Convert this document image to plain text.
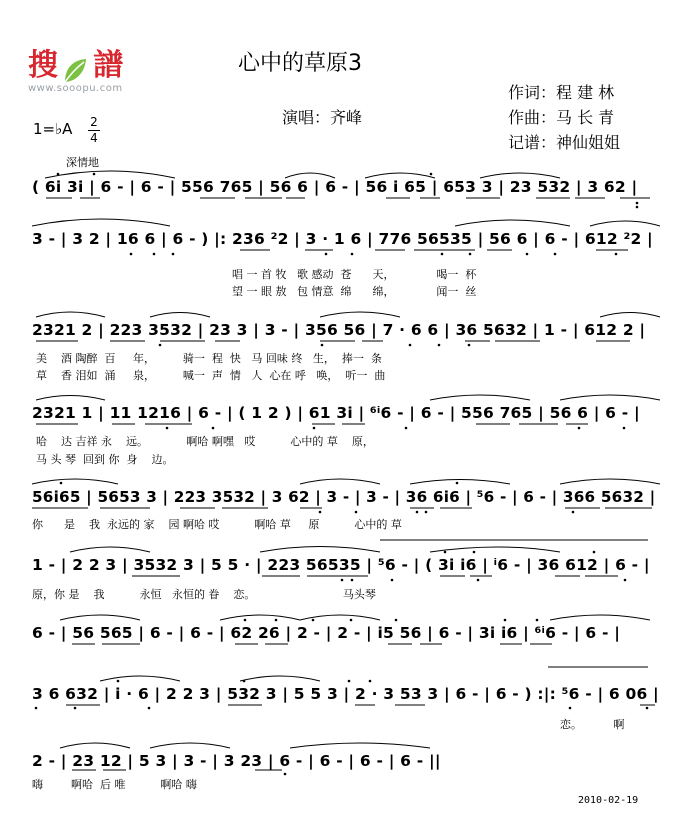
搜 譜
www.sooopu.com
心中的草原3
演唱：齐峰
作词：程 建 林
作曲：马 长 青
记谱：神仙姐姐
1=♭A 2
4
深情地
( 6i 3i | 6 - | 6 - | 556 765 | 56 6 | 6 - | 56 i 65 | 653 3 | 23 532 | 3 62 |
3 - | 3 2 | 16 6 | 6 - ) |: 236 ²2 | 3 · 1 6 | 776 56535 | 56 6 | 6 - | 612 ²2 |
唱 一 首 牧   歌 感动  苍      天，            喝一  杯
望 一 眼 敖   包 情意  绵      绵，            闻一  丝
2321 2 | 223 3532 | 23 3 | 3 - | 356 56 | 7 · 6 6 | 36 5632 | 1 - | 612 2 |
美    酒 陶醉  百     年，        骑一  程  快   马 回味 终   生，  捧一  条
草    香 泪如  涌     泉，        喊一  声  情   人  心在 呼   唤，  听一  曲
2321 1 | 11 1216 | 6 - | ( 1 2 ) | 61 3i | ⁶ⁱ6 - | 6 - | 556 765 | 56 6 | 6 - |
哈    达 吉祥 永    远。           啊哈 啊嘿   哎          心中的 草    原，
马 头 琴  回到 你  身    边。
56i65 | 5653 3 | 223 3532 | 3 62 | 3 - | 3 - | 36 6i6 | ⁵6 - | 6 - | 366 5632 |
你      是    我  永远的 家    园 啊哈 哎          啊哈 草     原          心中的 草
1 - | 2 2 3 | 3532 3 | 5 5 · | 223 56535 | ⁵6 - | ( 3i i6 | ⁱ6 - | 36 612 | 6 - |
原，你 是    我          永恒   永恒的 眷    恋。                         马头琴
6 - | 56 565 | 6 - | 6 - | 62 26 | 2 - | 2 - | i5 56 | 6 - | 3i i6 | ⁶ⁱ6 - | 6 - |
3 6 632 | i · 6 | 2 2 3 | 532 3 | 5 5 3 | 2 · 3 53 3 | 6 - | 6 - ) :|: ⁵6 - | 6 06 |
恋。         啊
2 - | 23 12 | 5 3 | 3 - | 3 23 | 6 - | 6 - | 6 - | 6 - ||
嗨        啊哈  后 唯          啊哈 嗨
2010-02-19
